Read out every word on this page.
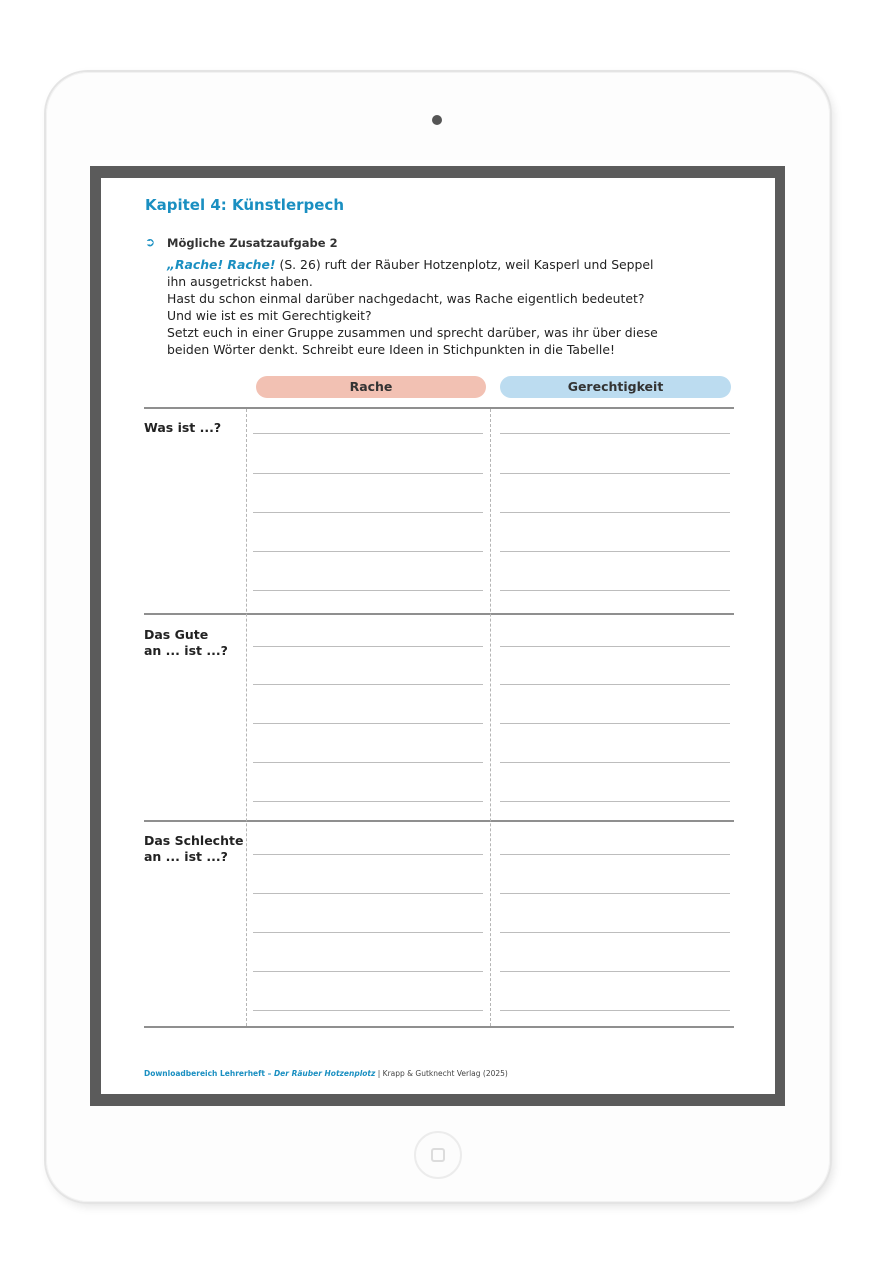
Kapitel 4: Künstlerpech
➲ Mögliche Zusatzaufgabe 2

„Rache! Rache! (S. 26) ruft der Räuber Hotzenplotz, weil Kasperl und Seppel

ihn ausgetrickst haben.

Hast du schon einmal darüber nachgedacht, was Rache eigentlich bedeutet?

Und wie ist es mit Gerechtigkeit?

Setzt euch in einer Gruppe zusammen und sprecht darüber, was ihr über diese

beiden Wörter denkt. Schreibt eure Ideen in Stichpunkten in die Tabelle!

Rache	Gerechtigkeit
Was ist ...?
Das Gute
an ... ist ...?
Das Schlechte
an ... ist ...?
Downloadbereich Lehrerheft – Der Räuber Hotzenplotz | Krapp & Gutknecht Verlag (2025)
